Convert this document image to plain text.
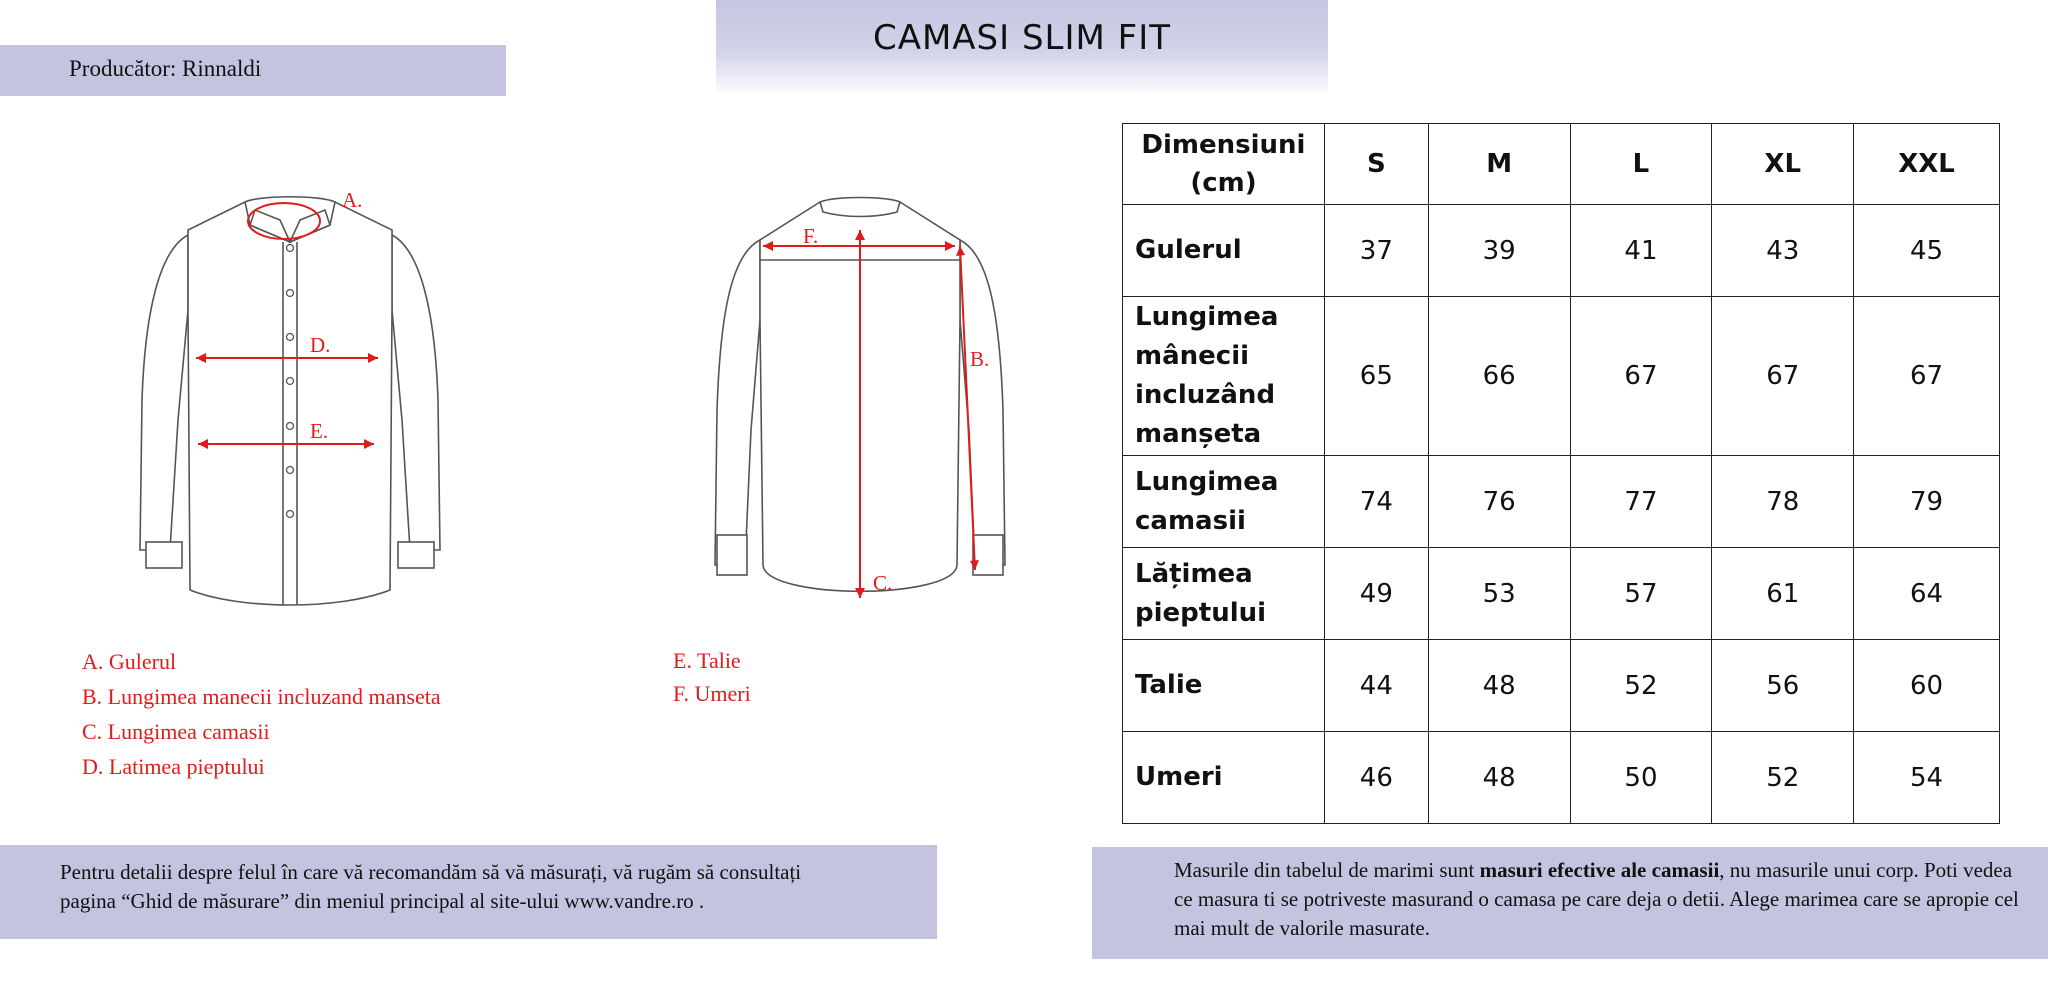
CAMASI SLIM FIT
Producător: Rinnaldi
A.
D.
E.
F.
B.
C.
A. Gulerul
B. Lungimea manecii incluzand manseta
C. Lungimea camasii
D. Latimea pieptului
E. Talie
F. Umeri
Dimensiuni (cm)	S	M	L	XL	XXL
Gulerul	37	39	41	43	45
Lungimea mânecii incluzând manșeta	65	66	67	67	67
Lungimea camasii	74	76	77	78	79
Lățimea pieptului	49	53	57	61	64
Talie	44	48	52	56	60
Umeri	46	48	50	52	54

Pentru detalii despre felul în care vă recomandăm să vă măsurați, vă rugăm să consultați
pagina “Ghid de măsurare” din meniul principal al site-ului www.vandre.ro .

Masurile din tabelul de marimi sunt masuri efective ale camasii, nu masurile unui corp. Poti vedea ce masura ti se potriveste masurand o camasa pe care deja o detii. Alege marimea care se apropie cel mai mult de valorile masurate.
